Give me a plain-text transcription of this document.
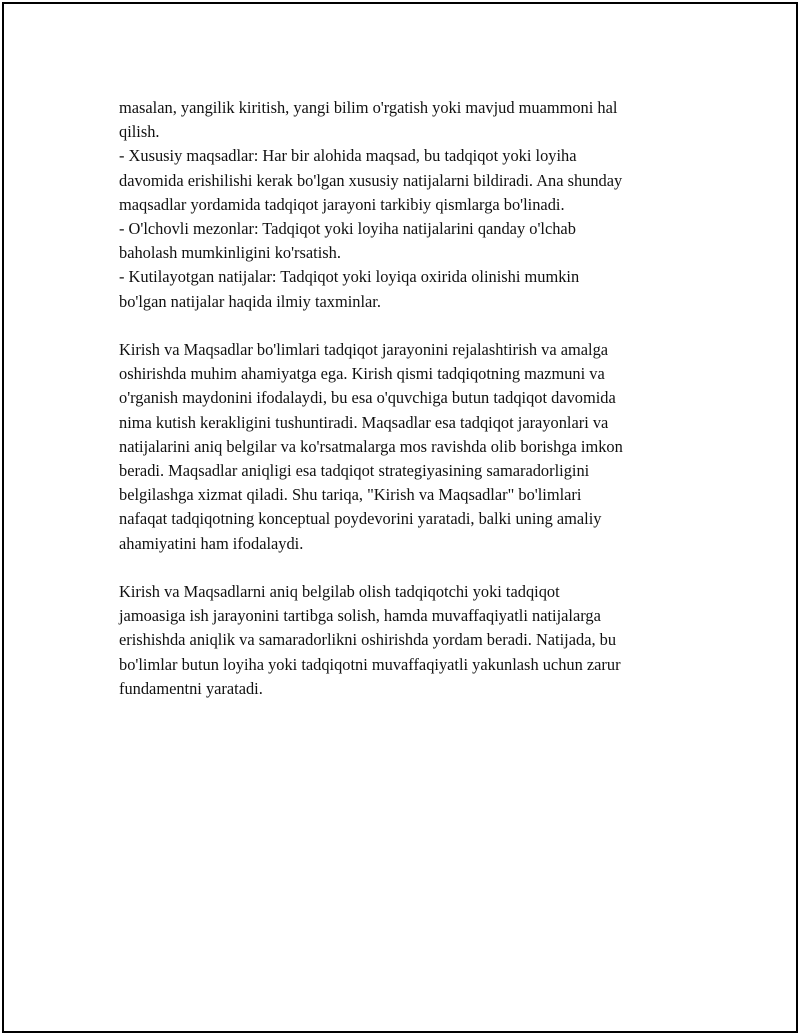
masalan, yangilik kiritish, yangi bilim o'rgatish yoki mavjud muammoni hal
qilish.
- Xususiy maqsadlar: Har bir alohida maqsad, bu tadqiqot yoki loyiha
davomida erishilishi kerak bo'lgan xususiy natijalarni bildiradi. Ana shunday
maqsadlar yordamida tadqiqot jarayoni tarkibiy qismlarga bo'linadi.
- O'lchovli mezonlar: Tadqiqot yoki loyiha natijalarini qanday o'lchab
baholash mumkinligini ko'rsatish.
- Kutilayotgan natijalar: Tadqiqot yoki loyiqa oxirida olinishi mumkin
bo'lgan natijalar haqida ilmiy taxminlar.
Kirish va Maqsadlar bo'limlari tadqiqot jarayonini rejalashtirish va amalga
oshirishda muhim ahamiyatga ega. Kirish qismi tadqiqotning mazmuni va
o'rganish maydonini ifodalaydi, bu esa o'quvchiga butun tadqiqot davomida
nima kutish kerakligini tushuntiradi. Maqsadlar esa tadqiqot jarayonlari va
natijalarini aniq belgilar va ko'rsatmalarga mos ravishda olib borishga imkon
beradi. Maqsadlar aniqligi esa tadqiqot strategiyasining samaradorligini
belgilashga xizmat qiladi. Shu tariqa, "Kirish va Maqsadlar" bo'limlari
nafaqat tadqiqotning konceptual poydevorini yaratadi, balki uning amaliy
ahamiyatini ham ifodalaydi.
Kirish va Maqsadlarni aniq belgilab olish tadqiqotchi yoki tadqiqot
jamoasiga ish jarayonini tartibga solish, hamda muvaffaqiyatli natijalarga
erishishda aniqlik va samaradorlikni oshirishda yordam beradi. Natijada, bu
bo'limlar butun loyiha yoki tadqiqotni muvaffaqiyatli yakunlash uchun zarur
fundamentni yaratadi.
